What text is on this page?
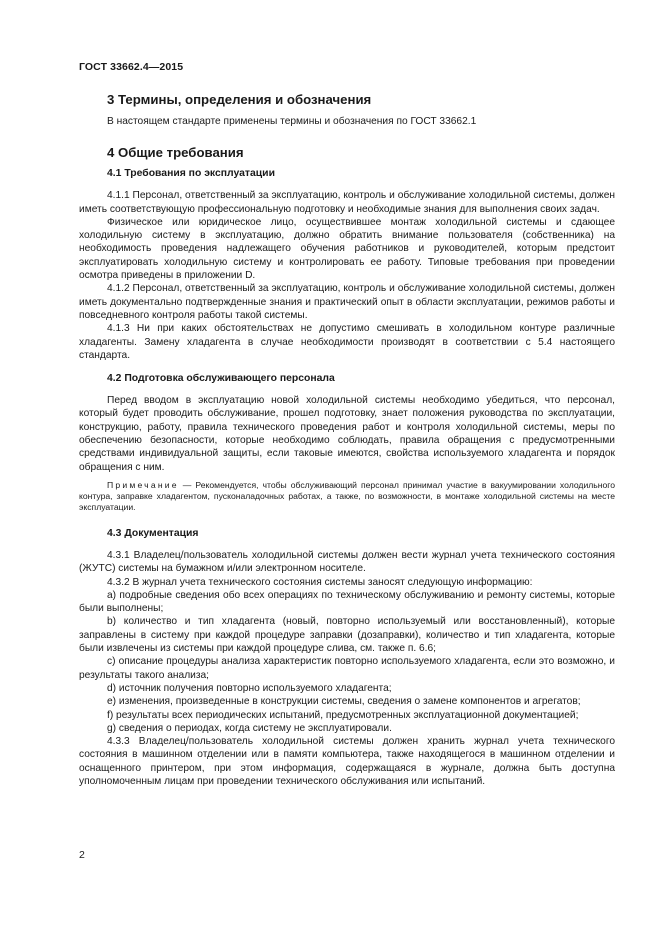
ГОСТ 33662.4—2015
3 Термины, определения и обозначения

В настоящем стандарте применены термины и обозначения по ГОСТ 33662.1

4 Общие требования
4.1 Требования по эксплуатации

4.1.1 Персонал, ответственный за эксплуатацию, контроль и обслуживание холодильной системы, должен иметь соответствующую профессиональную подготовку и необходимые знания для выполнения своих задач.

Физическое или юридическое лицо, осуществившее монтаж холодильной системы и сдающее холодильную систему в эксплуатацию, должно обратить внимание пользователя (собственника) на необходимость проведения надлежащего обучения работников и руководителей, которым предстоит эксплуатировать холодильную систему и контролировать ее работу. Типовые требования при проведении осмотра приведены в приложении D.

4.1.2 Персонал, ответственный за эксплуатацию, контроль и обслуживание холодильной системы, должен иметь документально подтвержденные знания и практический опыт в области эксплуатации, режимов работы и повседневного контроля работы такой системы.

4.1.3 Ни при каких обстоятельствах не допустимо смешивать в холодильном контуре различные хладагенты. Замену хладагента в случае необходимости производят в соответствии с 5.4 настоящего стандарта.

4.2 Подготовка обслуживающего персонала

Перед вводом в эксплуатацию новой холодильной системы необходимо убедиться, что персонал, который будет проводить обслуживание, прошел подготовку, знает положения руководства по эксплуатации, конструкцию, работу, правила технического проведения работ и контроля холодильной системы, меры по обеспечению безопасности, которые необходимо соблюдать, правила обращения с предусмотренными средствами индивидуальной защиты, если таковые имеются, свойства используемого хладагента и порядок обращения с ним.

Примечание — Рекомендуется, чтобы обслуживающий персонал принимал участие в вакуумировании холодильного контура, заправке хладагентом, пусконаладочных работах, а также, по возможности, в монтаже холодильной системы на месте эксплуатации.
4.3 Документация

4.3.1 Владелец/пользователь холодильной системы должен вести журнал учета технического состояния (ЖУТС) системы на бумажном и/или электронном носителе.

4.3.2 В журнал учета технического состояния системы заносят следующую информацию:

а) подробные сведения обо всех операциях по техническому обслуживанию и ремонту системы, которые были выполнены;

b) количество и тип хладагента (новый, повторно используемый или восстановленный), которые заправлены в систему при каждой процедуре заправки (дозаправки), количество и тип хладагента, которые были извлечены из системы при каждой процедуре слива, см. также п. 6.6;

с) описание процедуры анализа характеристик повторно используемого хладагента, если это возможно, и результаты такого анализа;

d) источник получения повторно используемого хладагента;

е) изменения, произведенные в конструкции системы, сведения о замене компонентов и агрегатов;

f) результаты всех периодических испытаний, предусмотренных эксплуатационной документацией;

g) сведения о периодах, когда систему не эксплуатировали.

4.3.3 Владелец/пользователь холодильной системы должен хранить журнал учета технического состояния в машинном отделении или в памяти компьютера, также находящегося в машинном отделении и оснащенного принтером, при этом информация, содержащаяся в журнале, должна быть доступна уполномоченным лицам при проведении технического обслуживания или испытаний.

2
